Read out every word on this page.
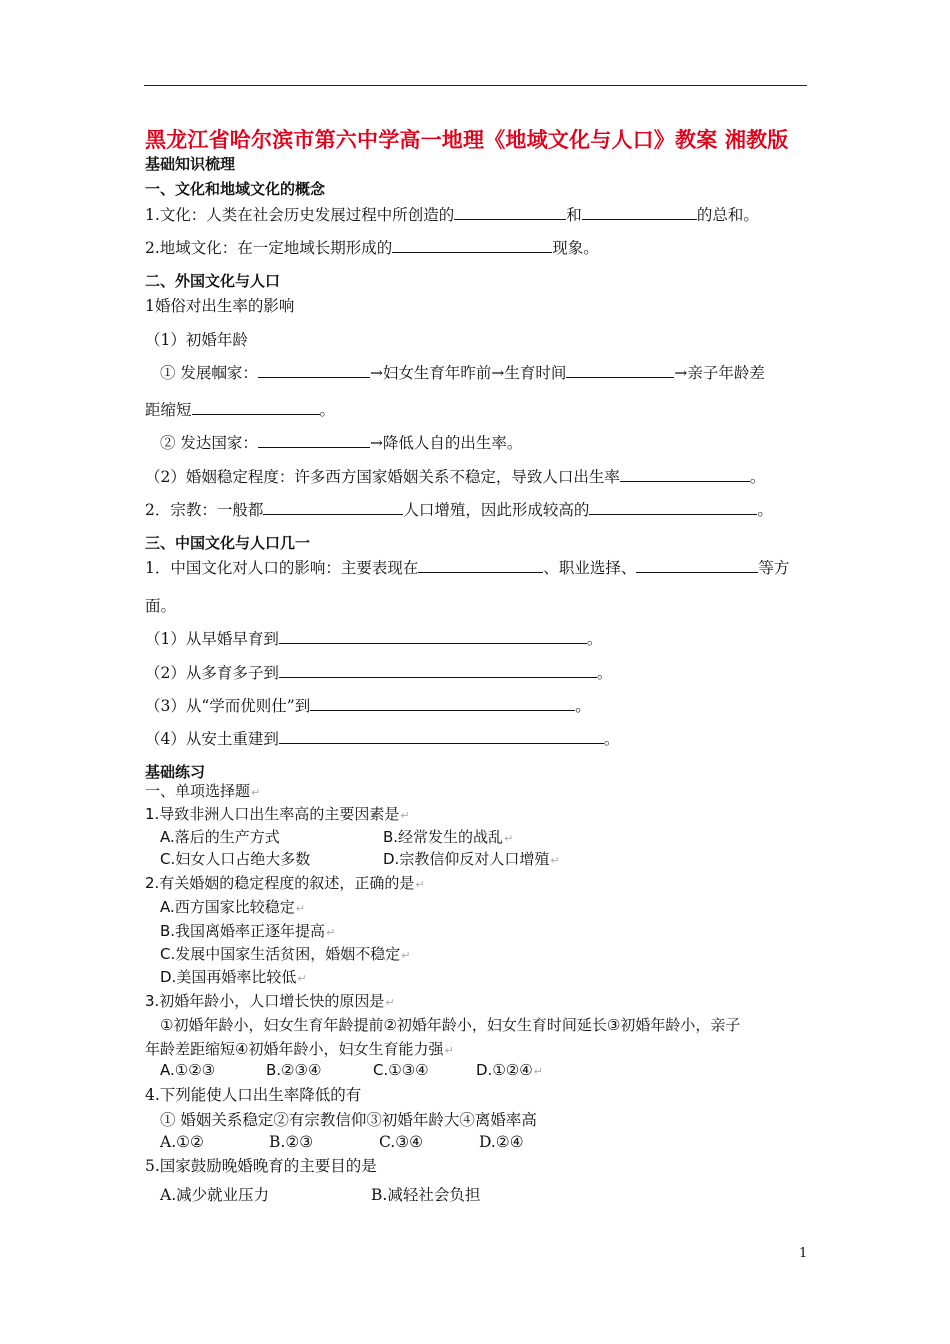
黑龙江省哈尔滨市第六中学高一地理《地域文化与人口》教案 湘教版
基础知识梳理
一、文化和地域文化的概念
1.文化：人类在社会历史发展过程中所创造的	和	的总和。
2.地域文化：在一定地域长期形成的	现象。
二、外国文化与人口
1婚俗对出生率的影响
（1）初婚年龄
① 发展帼家：	→妇女生育年昨前→生育时间	→亲子年龄差
距缩短	。
② 发达国家：	→降低人自的出生率。
（2）婚姻稳定程度：许多西方国家婚姻关系不稳定，导致人口出生率	。
2．宗教：一般都	人口增殖，因此形成较高的	。
三、中国文化与人口几一
1．中国文化对人口的影响：主要表现在	、职业选择、	等方
面。
（1）从早婚早育到	。
（2）从多育多子到	。
（3）从“学而优则仕”到	。
（4）从安土重建到	。
基础练习
一、单项选择题↵
1.导致非洲人口出生率高的主要因素是↵
A.落后的生产方式	B.经常发生的战乱↵
C.妇女人口占绝大多数	D.宗教信仰反对人口增殖↵
2.有关婚姻的稳定程度的叙述，正确的是↵
A.西方国家比较稳定↵
B.我国离婚率正逐年提高↵
C.发展中国家生活贫困，婚姻不稳定↵
D.美国再婚率比较低↵
3.初婚年龄小，人口增长快的原因是↵
①初婚年龄小，妇女生育年龄提前②初婚年龄小，妇女生育时间延长③初婚年龄小，亲子
年龄差距缩短④初婚年龄小，妇女生育能力强↵
A.①②③	B.②③④	C.①③④	D.①②④↵
4.下列能使人口出生率降低的有
① 婚姻关系稳定②有宗教信仰③初婚年龄大④离婚率高
A.①②	B.②③	C.③④	D.②④
5.国家鼓励晚婚晚育的主要目的是
A.减少就业压力	B.减轻社会负担
1
